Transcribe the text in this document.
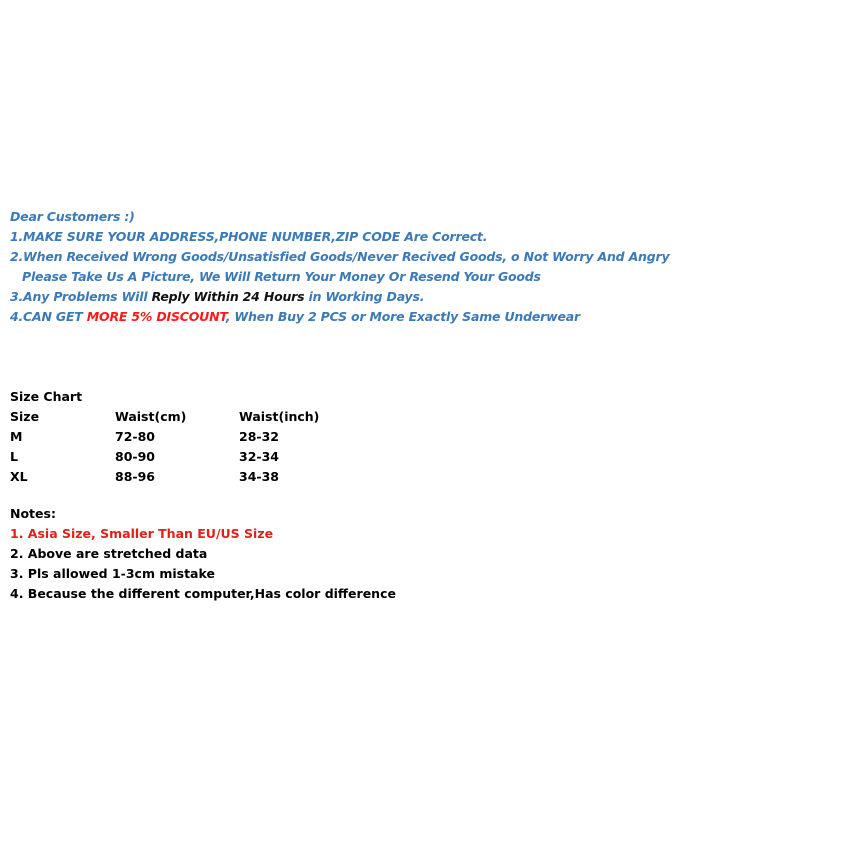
Dear Customers :)
1.MAKE SURE YOUR ADDRESS,PHONE NUMBER,ZIP CODE Are Correct.
2.When Received Wrong Goods/Unsatisfied Goods/Never Recived Goods, o Not Worry And Angry
Please Take Us A Picture, We Will Return Your Money Or Resend Your Goods
3.Any Problems Will Reply Within 24 Hours in Working Days.
4.CAN GET MORE 5% DISCOUNT, When Buy 2 PCS or More Exactly Same Underwear
Size Chart
Size	Waist(cm)	Waist(inch)
M	72-80	28-32
L	80-90	32-34
XL	88-96	34-38
Notes:
1. Asia Size, Smaller Than EU/US Size
2. Above are stretched data
3. Pls allowed 1-3cm mistake
4. Because the different computer,Has color difference
